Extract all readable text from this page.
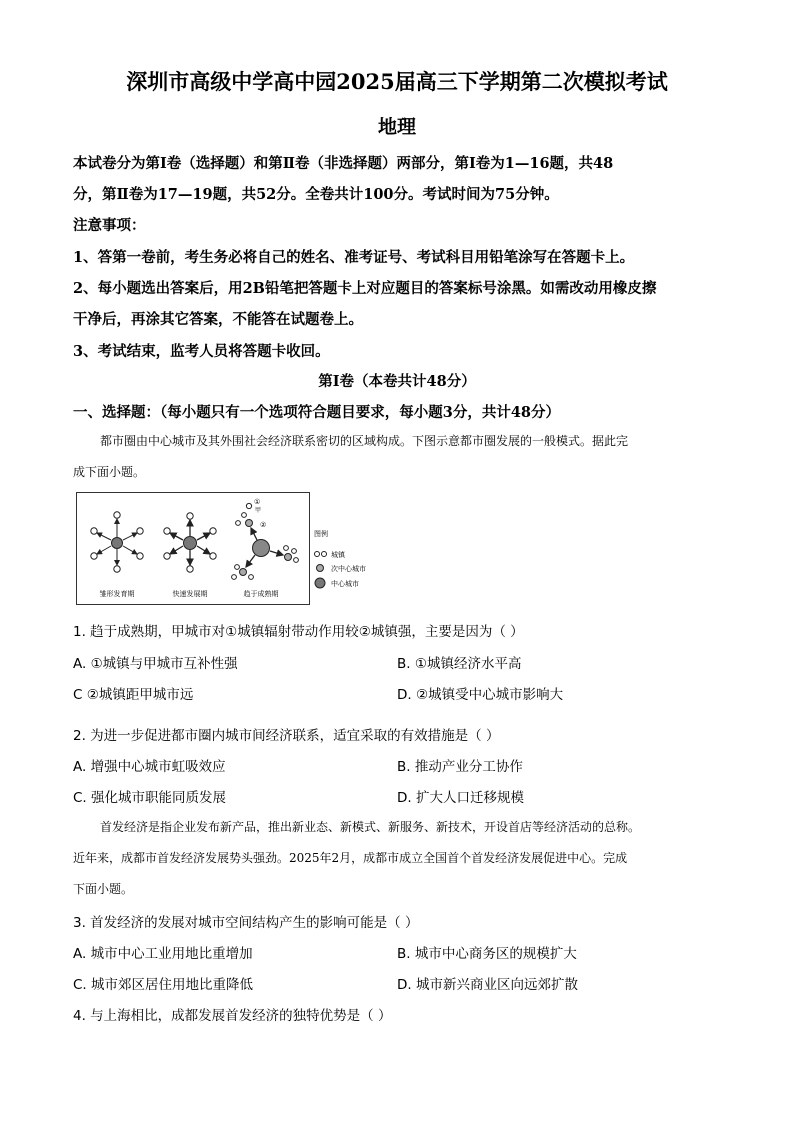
深圳市高级中学高中园2025届高三下学期第二次模拟考试
地理
本试卷分为第Ⅰ卷（选择题）和第Ⅱ卷（非选择题）两部分，第Ⅰ卷为1—16题，共48
分，第Ⅱ卷为17—19题，共52分。全卷共计100分。考试时间为75分钟。
注意事项：
1、答第一卷前，考生务必将自己的姓名、准考证号、考试科目用铅笔涂写在答题卡上。
2、每小题选出答案后，用2B铅笔把答题卡上对应题目的答案标号涂黑。如需改动用橡皮擦
干净后，再涂其它答案，不能答在试题卷上。
3、考试结束，监考人员将答题卡收回。
第Ⅰ卷（本卷共计48分）
一、选择题：（每小题只有一个选项符合题目要求，每小题3分，共计48分）
都市圈由中心城市及其外围社会经济联系密切的区域构成。下图示意都市圈发展的一般模式。据此完
成下面小题。
雏形发育期	快速发展期	趋于成熟期
①
甲
②
图例
城镇
次中心城市
中心城市
1. 趋于成熟期，甲城市对①城镇辐射带动作用较②城镇强，主要是因为（ ）
A. ①城镇与甲城市互补性强	B. ①城镇经济水平高
C ②城镇距甲城市远	D. ②城镇受中心城市影响大
2. 为进一步促进都市圈内城市间经济联系，适宜采取的有效措施是（ ）
A. 增强中心城市虹吸效应	B. 推动产业分工协作
C. 强化城市职能同质发展	D. 扩大人口迁移规模
首发经济是指企业发布新产品，推出新业态、新模式、新服务、新技术，开设首店等经济活动的总称。
近年来，成都市首发经济发展势头强劲。2025年2月，成都市成立全国首个首发经济发展促进中心。完成
下面小题。
3. 首发经济的发展对城市空间结构产生的影响可能是（ ）
A. 城市中心工业用地比重增加	B. 城市中心商务区的规模扩大
C. 城市郊区居住用地比重降低	D. 城市新兴商业区向远郊扩散
4. 与上海相比，成都发展首发经济的独特优势是（ ）
